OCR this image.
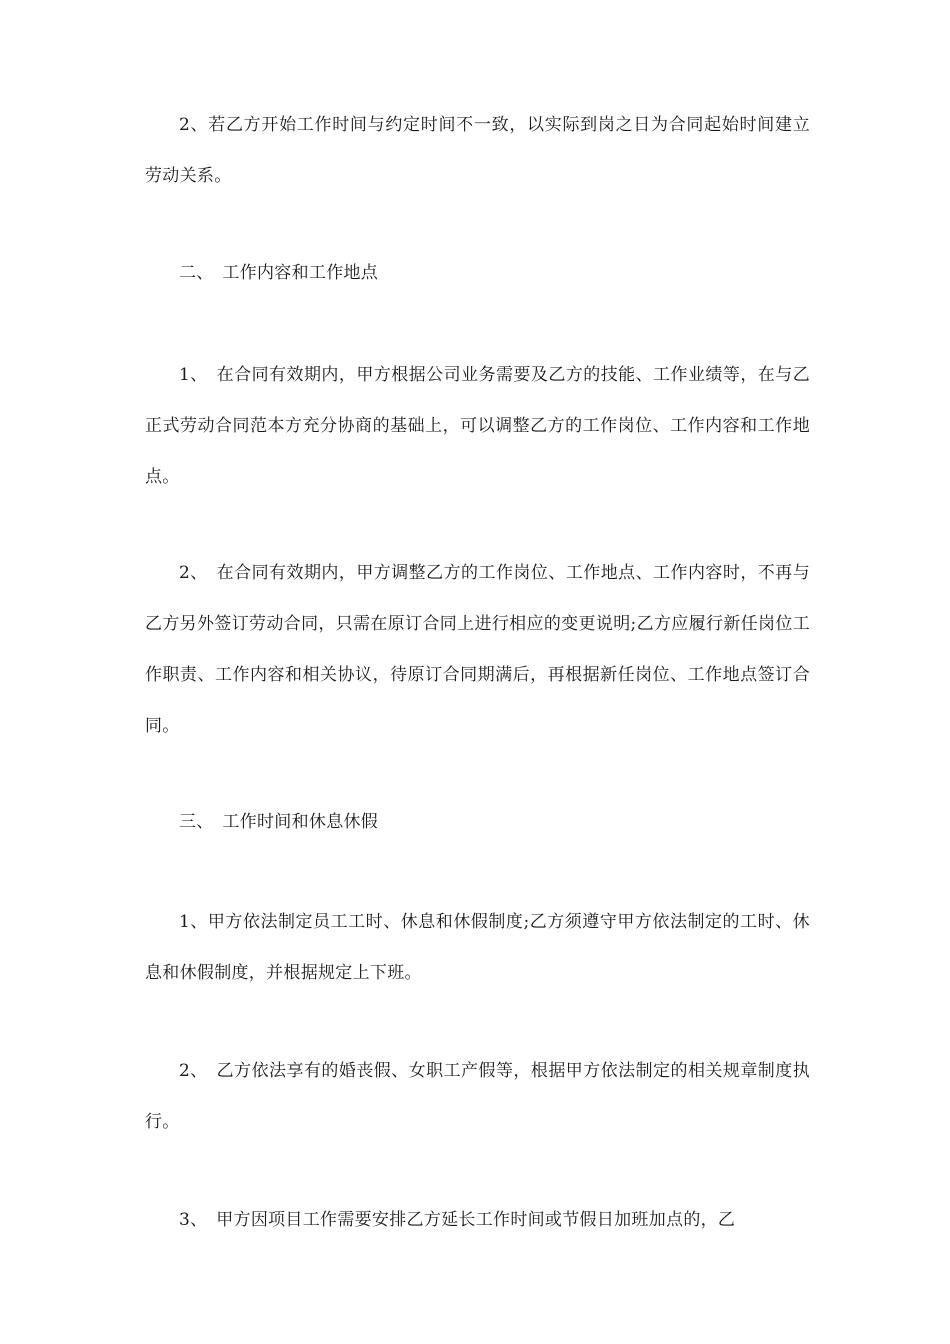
2、若乙方开始工作时间与约定时间不一致，以实际到岗之日为合同起始时间建立劳动关系。

二、　工作内容和工作地点

1、　在合同有效期内，甲方根据公司业务需要及乙方的技能、工作业绩等，在与乙正式劳动合同范本方充分协商的基础上，可以调整乙方的工作岗位、工作内容和工作地点。

2、　在合同有效期内，甲方调整乙方的工作岗位、工作地点、工作内容时，不再与乙方另外签订劳动合同，只需在原订合同上进行相应的变更说明;乙方应履行新任岗位工作职责、工作内容和相关协议，待原订合同期满后，再根据新任岗位、工作地点签订合同。

三、　工作时间和休息休假

1、甲方依法制定员工工时、休息和休假制度;乙方须遵守甲方依法制定的工时、休息和休假制度，并根据规定上下班。

2、　乙方依法享有的婚丧假、女职工产假等，根据甲方依法制定的相关规章制度执行。

3、　甲方因项目工作需要安排乙方延长工作时间或节假日加班加点的，乙
